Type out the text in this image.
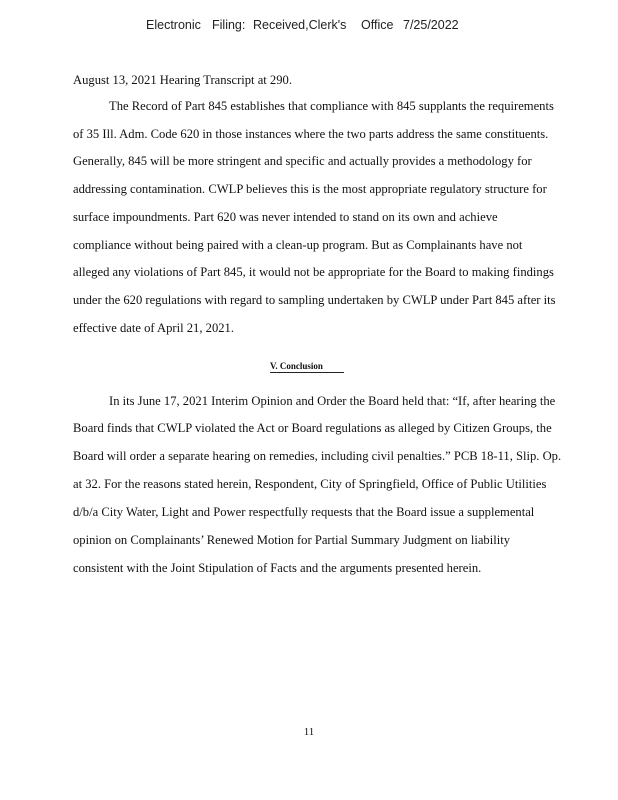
Electronic Filing: Received,Clerk's Office 7/25/2022
August 13, 2021 Hearing Transcript at 290.
The Record of Part 845 establishes that compliance with 845 supplants the requirements
of 35 Ill. Adm. Code 620 in those instances where the two parts address the same constituents.
Generally, 845 will be more stringent and specific and actually provides a methodology for
addressing contamination. CWLP believes this is the most appropriate regulatory structure for
surface impoundments. Part 620 was never intended to stand on its own and achieve
compliance without being paired with a clean-up program. But as Complainants have not
alleged any violations of Part 845, it would not be appropriate for the Board to making findings
under the 620 regulations with regard to sampling undertaken by CWLP under Part 845 after its
effective date of April 21, 2021.
V. Conclusion
In its June 17, 2021 Interim Opinion and Order the Board held that: “If, after hearing the
Board finds that CWLP violated the Act or Board regulations as alleged by Citizen Groups, the
Board will order a separate hearing on remedies, including civil penalties.” PCB 18-11, Slip. Op.
at 32. For the reasons stated herein, Respondent, City of Springfield, Office of Public Utilities
d/b/a City Water, Light and Power respectfully requests that the Board issue a supplemental
opinion on Complainants’ Renewed Motion for Partial Summary Judgment on liability
consistent with the Joint Stipulation of Facts and the arguments presented herein.
11
